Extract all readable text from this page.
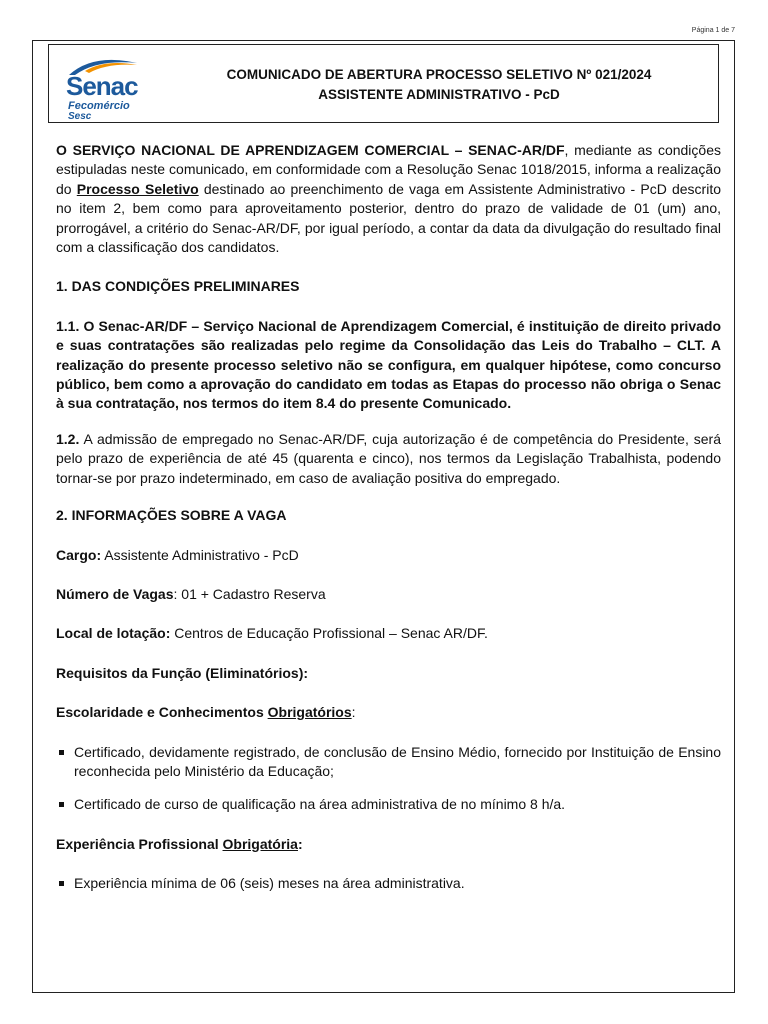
Página 1 de 7
Senac
Fecomércio
Sesc
COMUNICADO DE ABERTURA PROCESSO SELETIVO Nº 021/2024
ASSISTENTE ADMINISTRATIVO - PcD

O SERVIÇO NACIONAL DE APRENDIZAGEM COMERCIAL – SENAC-AR/DF, mediante as condições estipuladas neste comunicado, em conformidade com a Resolução Senac 1018/2015, informa a realização do Processo Seletivo destinado ao preenchimento de vaga em Assistente Administrativo - PcD descrito no item 2, bem como para aproveitamento posterior, dentro do prazo de validade de 01 (um) ano, prorrogável, a critério do Senac-AR/DF, por igual período, a contar da data da divulgação do resultado final com a classificação dos candidatos.

1. DAS CONDIÇÕES PRELIMINARES

1.1. O Senac-AR/DF – Serviço Nacional de Aprendizagem Comercial, é instituição de direito privado e suas contratações são realizadas pelo regime da Consolidação das Leis do Trabalho – CLT. A realização do presente processo seletivo não se configura, em qualquer hipótese, como concurso público, bem como a aprovação do candidato em todas as Etapas do processo não obriga o Senac à sua contratação, nos termos do item 8.4 do presente Comunicado.

1.2. A admissão de empregado no Senac-AR/DF, cuja autorização é de competência do Presidente, será pelo prazo de experiência de até 45 (quarenta e cinco), nos termos da Legislação Trabalhista, podendo tornar-se por prazo indeterminado, em caso de avaliação positiva do empregado.

2. INFORMAÇÕES SOBRE A VAGA

Cargo: Assistente Administrativo - PcD

Número de Vagas: 01 + Cadastro Reserva

Local de lotação: Centros de Educação Profissional – Senac AR/DF.

Requisitos da Função (Eliminatórios):

Escolaridade e Conhecimentos Obrigatórios:

Certificado, devidamente registrado, de conclusão de Ensino Médio, fornecido por Instituição de Ensino reconhecida pelo Ministério da Educação;
Certificado de curso de qualificação na área administrativa de no mínimo 8 h/a.

Experiência Profissional Obrigatória:

Experiência mínima de 06 (seis) meses na área administrativa.
